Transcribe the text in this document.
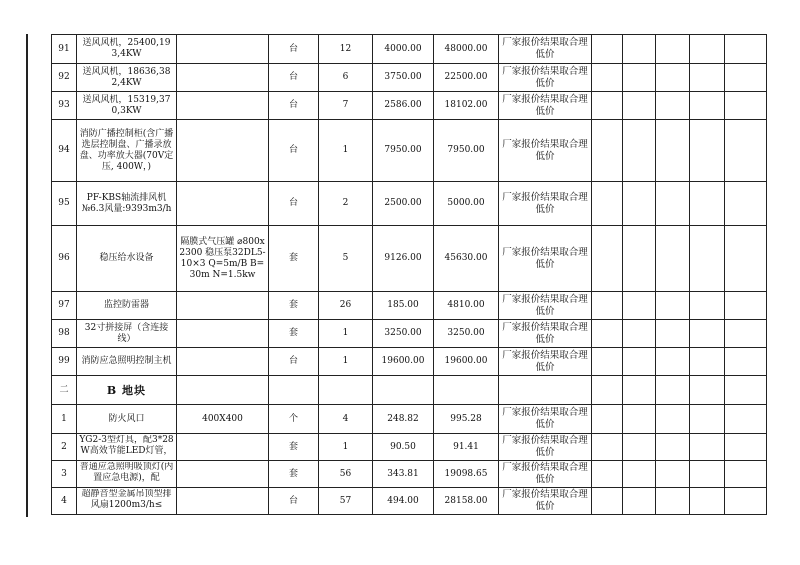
91	送风风机，25400,193,4KW		台	12	4000.00	48000.00	厂家报价结果取合理低价					
92	送风风机，18636,382,4KW		台	6	3750.00	22500.00	厂家报价结果取合理低价					
93	送风风机，15319,370,3KW		台	7	2586.00	18102.00	厂家报价结果取合理低价					
94	消防广播控制柜(含广播选层控制盘、广播录放盘、功率放大器(70V定压, 400W，)		台	1	7950.00	7950.00	厂家报价结果取合理低价					
95	PF-KBS轴流排风机№6.3风量:9393m3/h		台	2	2500.00	5000.00	厂家报价结果取合理低价					
96	稳压给水设备	隔膜式气压罐 ⌀800x2300 稳压泵32DL5-10×3 Q=5m/B B=30m N=1.5kw	套	5	9126.00	45630.00	厂家报价结果取合理低价					
97	监控防雷器		套	26	185.00	4810.00	厂家报价结果取合理低价					
98	32寸拼接屏（含连接线）		套	1	3250.00	3250.00	厂家报价结果取合理低价					
99	消防应急照明控制主机		台	1	19600.00	19600.00	厂家报价结果取合理低价					
二	B 地块											
1	防火风口	400X400	个	4	248.82	995.28	厂家报价结果取合理低价					
2	YG2-3型灯具，配3*28W高效节能LED灯管，		套	1	90.50	91.41	厂家报价结果取合理低价					
3	普通应急照明吸顶灯(内置应急电源)，配		套	56	343.81	19098.65	厂家报价结果取合理低价					
4	超静音型金属吊顶型排风扇1200m3/h≤		台	57	494.00	28158.00	厂家报价结果取合理低价					
